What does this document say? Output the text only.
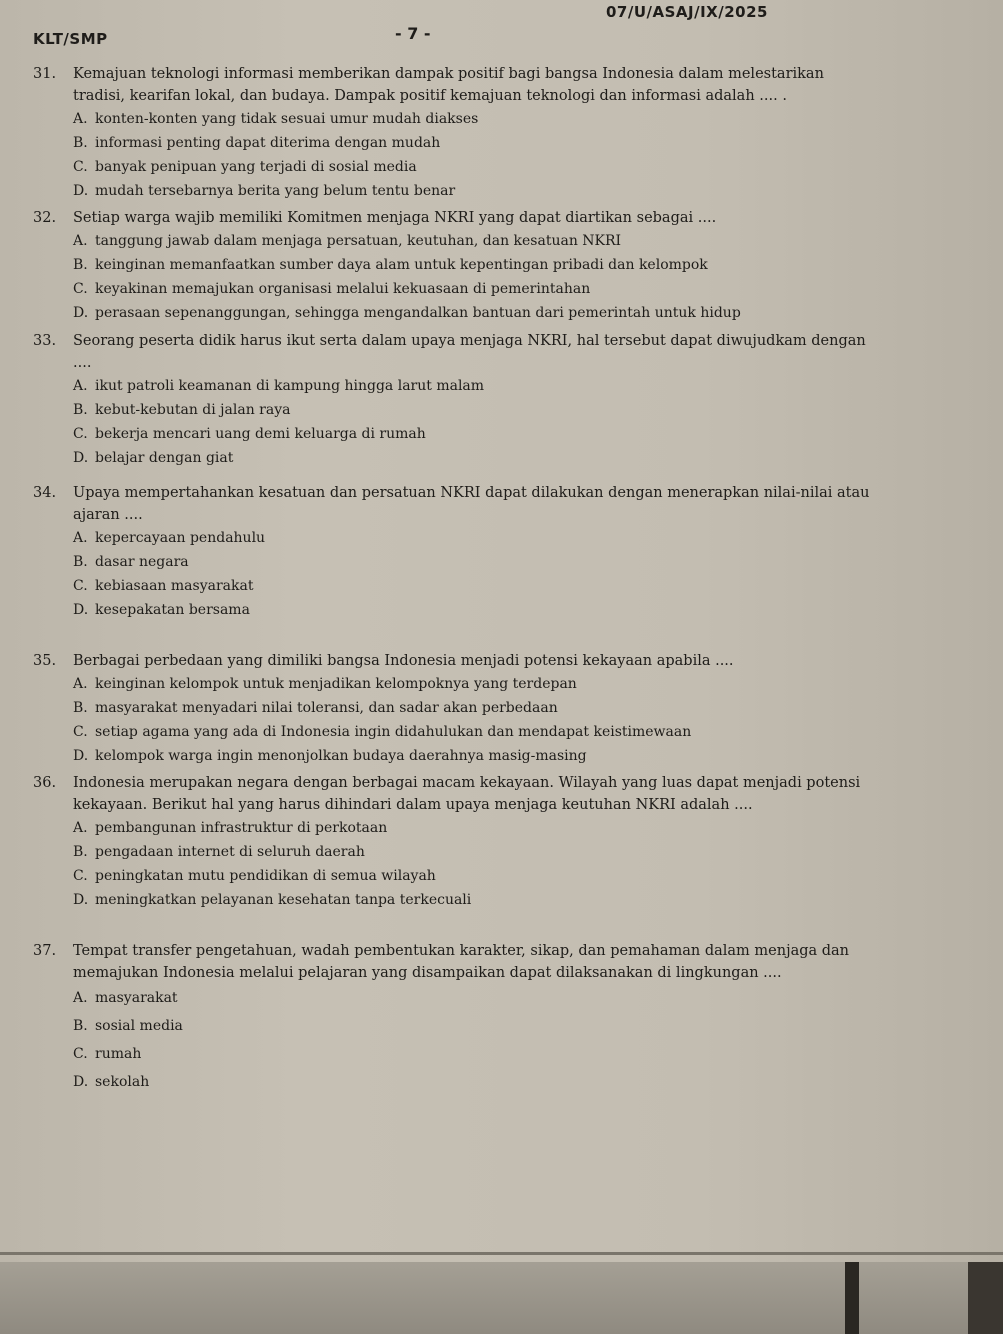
KLT/SMP	- 7 -
07/U/ASAJ/IX/2025
31.	Kemajuan teknologi informasi memberikan dampak positif bagi bangsa Indonesia dalam melestarikan tradisi, kearifan lokal, dan budaya. Dampak positif kemajuan teknologi dan informasi adalah .... .
A. konten-konten yang tidak sesuai umur mudah diakses
B. informasi penting dapat diterima dengan mudah
C. banyak penipuan yang terjadi di sosial media
D. mudah tersebarnya berita yang belum tentu benar
32.	Setiap warga wajib memiliki Komitmen menjaga NKRI yang dapat diartikan sebagai ....
A. tanggung jawab dalam menjaga persatuan, keutuhan, dan kesatuan NKRI
B. keinginan memanfaatkan sumber daya alam untuk kepentingan pribadi dan kelompok
C. keyakinan memajukan organisasi melalui kekuasaan di pemerintahan
D. perasaan sepenanggungan, sehingga mengandalkan bantuan dari pemerintah untuk hidup
33.	Seorang peserta didik harus ikut serta dalam upaya menjaga NKRI, hal tersebut dapat diwujudkam dengan ....
A. ikut patroli keamanan di kampung hingga larut malam
B. kebut-kebutan di jalan raya
C. bekerja mencari uang demi keluarga di rumah
D. belajar dengan giat
34.	Upaya mempertahankan kesatuan dan persatuan NKRI dapat dilakukan dengan menerapkan nilai-nilai atau ajaran ....
A. kepercayaan pendahulu
B. dasar negara
C. kebiasaan masyarakat
D. kesepakatan bersama
35.	Berbagai perbedaan yang dimiliki bangsa Indonesia menjadi potensi kekayaan apabila ....
A. keinginan kelompok untuk menjadikan kelompoknya yang terdepan
B. masyarakat menyadari nilai toleransi, dan sadar akan perbedaan
C. setiap agama yang ada di Indonesia ingin didahulukan dan mendapat keistimewaan
D. kelompok warga ingin menonjolkan budaya daerahnya masig-masing
36.	Indonesia merupakan negara dengan berbagai macam kekayaan. Wilayah yang luas dapat menjadi potensi kekayaan. Berikut hal yang harus dihindari dalam upaya menjaga keutuhan NKRI adalah ....
A. pembangunan infrastruktur di perkotaan
B. pengadaan internet di seluruh daerah
C. peningkatan mutu pendidikan di semua wilayah
D. meningkatkan pelayanan kesehatan tanpa terkecuali
37.	Tempat transfer pengetahuan, wadah pembentukan karakter, sikap, dan pemahaman dalam menjaga dan memajukan Indonesia melalui pelajaran yang disampaikan dapat dilaksanakan di lingkungan ....
A. masyarakat
B. sosial media
C. rumah
D. sekolah
